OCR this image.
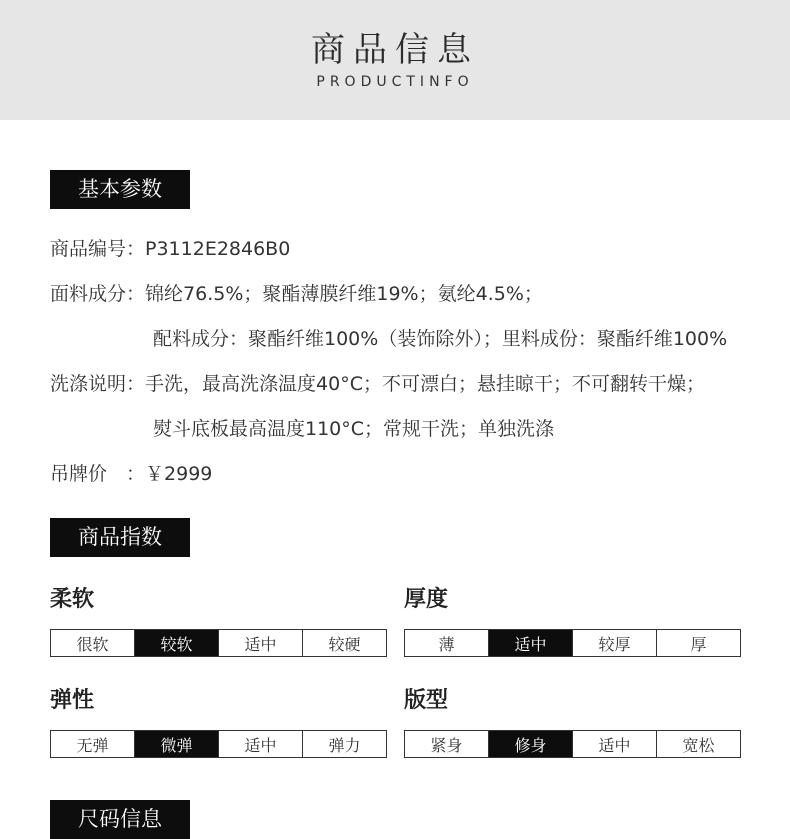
商品信息
PRODUCTINFO
基本参数
商品编号：P3112E2846B0
面料成分：锦纶76.5%；聚酯薄膜纤维19%；氨纶4.5%；
配料成分：聚酯纤维100%（装饰除外）；里料成份：聚酯纤维100%
洗涤说明：手洗，最高洗涤温度40°C；不可漂白；悬挂晾干；不可翻转干燥；
熨斗底板最高温度110°C；常规干洗；单独洗涤
吊牌价　：￥2999
商品指数
柔软
很软	较软	适中	较硬
厚度
薄	适中	较厚	厚
弹性
无弹	微弹	适中	弹力
版型
紧身	修身	适中	宽松
尺码信息
